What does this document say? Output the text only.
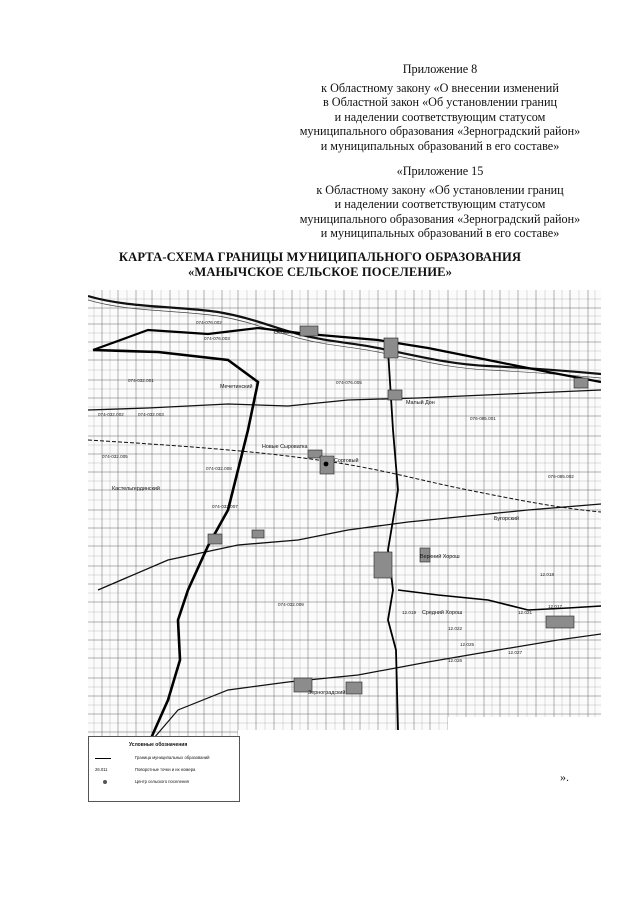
Приложение 8
к Областному закону «О внесении изменений
в Областной закон «Об установлении границ
и наделении соответствующим статусом
муниципального образования «Зерноградский район»
и муниципальных образований в его составе»
«Приложение 15
к Областному закону «Об установлении границ
и наделении соответствующим статусом
муниципального образования «Зерноградский район»
и муниципальных образований в его составе»
КАРТА-СХЕМА ГРАНИЦЫ МУНИЦИПАЛЬНОГО ОБРАЗОВАНИЯ
«МАНЫЧСКОЕ СЕЛЬСКОЕ ПОСЕЛЕНИЕ»
Осокин
Мечетинский
Малый Дон
Новые Сыроватка
Сорговый
Кастельгердинский
Бугорский
Верхний Хорош
Средний Хорош
Зерноградский
074-076.002
074-076.003
074-076.005
074-032.001
074-032.002	074-032.003
074-032.005
074-032.007
074-032.009
074-032.008
076-085.001
076-085.002
12.018
12.019	12.021
12.022
12.025
12.026
12.027
12.017
Условные обозначения
Граница муниципальных образований
26.011	Поворотные точки и их номера
Центр сельского поселения	».
